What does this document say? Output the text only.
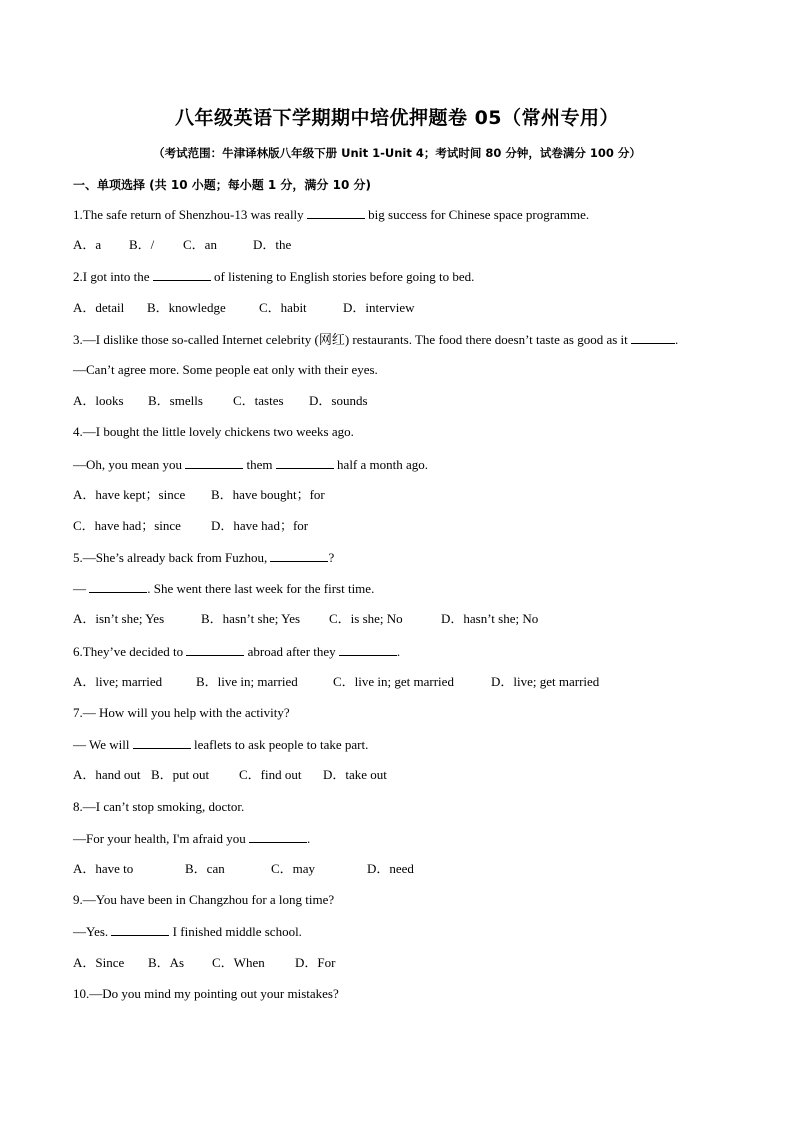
八年级英语下学期期中培优押题卷 05（常州专用）
（考试范围：牛津译林版八年级下册 Unit 1-Unit 4；考试时间 80 分钟，试卷满分 100 分）
一、单项选择 (共 10 小题；每小题 1 分，满分 10 分)
1.The safe return of Shenzhou-13 was really	big success for Chinese space programme.
A．a B．/ C．an	D．the
2.I got into the	of listening to English stories before going to bed.
A．detail B．knowledge	C．habit	D．interview
3.—I dislike those so-called Internet celebrity (网红) restaurants. The food there doesn’t taste as good as it	.
—Can’t agree more. Some people eat only with their eyes.
A．looks B．smells C．tastes D．sounds
4.—I bought the little lovely chickens two weeks ago.
—Oh, you mean you	them	half a month ago.
A．have kept；since B．have bought；for
C．have had；since D．have had；for
5.—She’s already back from Fuzhou,	?
—	. She went there last week for the first time.
A．isn’t she; Yes	B．hasn’t she; Yes C．is she; No	D．hasn’t she; No
6.They’ve decided to	abroad after they	.
A．live; married	B．live in; married	C．live in; get married	D．live; get married
7.— How will you help with the activity?
— We will	leaflets to ask people to take part.
A．hand out B．put out C．find out D．take out
8.—I can’t stop smoking, doctor.
—For your health, I'm afraid you	.
A．have to	B．can	C．may	D．need
9.—You have been in Changzhou for a long time?
—Yes.	I finished middle school.
A．Since B．As C．When D．For
10.—Do you mind my pointing out your mistakes?
